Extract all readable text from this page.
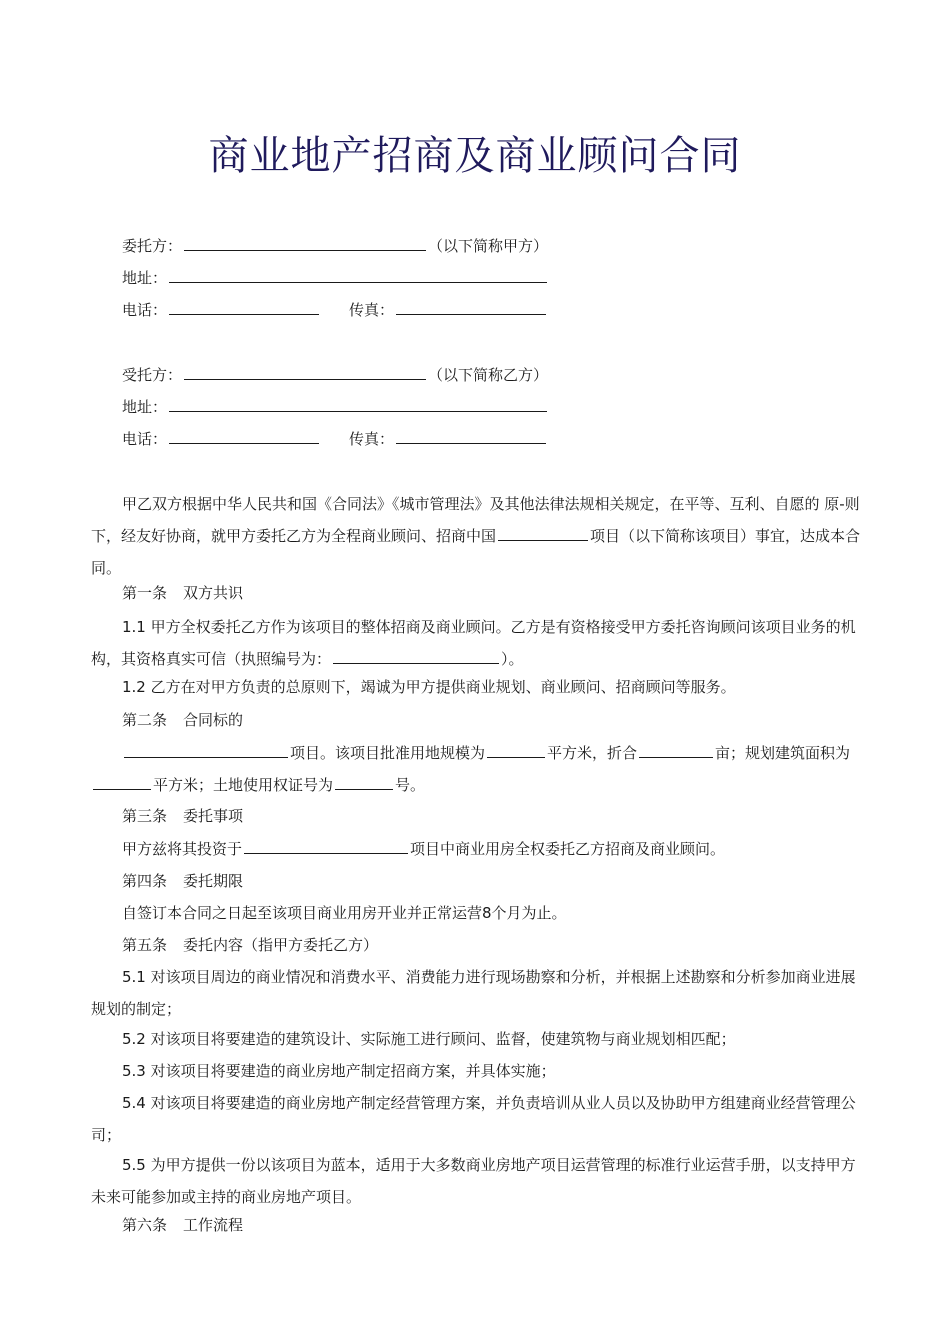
商业地产招商及商业顾问合同
委托方：	（以下简称甲方）
地址：
电话：	传真：
受托方：	（以下简称乙方）
地址：
电话：	传真：

甲乙双方根据中华人民共和国《合同法》《城市管理法》及其他法律法规相关规定，在平等、互利、自愿的 原-则下，经友好协商，就甲方委托乙方为全程商业顾问、招商中国	项目（以下简称该项目）事宜，达成本合同。

第一条 双方共识

1.1 甲方全权委托乙方作为该项目的整体招商及商业顾问。乙方是有资格接受甲方委托咨询顾问该项目业务的机构，其资格真实可信（执照编号为：	）。

1.2 乙方在对甲方负责的总原则下，竭诚为甲方提供商业规划、商业顾问、招商顾问等服务。

第二条 合同标的

项目。该项目批准用地规模为	平方米，折合	亩；规划建筑面积为平方米；土地使用权证号为	号。

第三条 委托事项

甲方兹将其投资于	项目中商业用房全权委托乙方招商及商业顾问。

第四条 委托期限

自签订本合同之日起至该项目商业用房开业并正常运营8个月为止。

第五条 委托内容（指甲方委托乙方）

5.1 对该项目周边的商业情况和消费水平、消费能力进行现场勘察和分析，并根据上述勘察和分析参加商业进展规划的制定；

5.2 对该项目将要建造的建筑设计、实际施工进行顾问、监督，使建筑物与商业规划相匹配；

5.3 对该项目将要建造的商业房地产制定招商方案，并具体实施；

5.4 对该项目将要建造的商业房地产制定经营管理方案，并负责培训从业人员以及协助甲方组建商业经营管理公司；

5.5 为甲方提供一份以该项目为蓝本，适用于大多数商业房地产项目运营管理的标准行业运营手册，以支持甲方未来可能参加或主持的商业房地产项目。

第六条 工作流程
